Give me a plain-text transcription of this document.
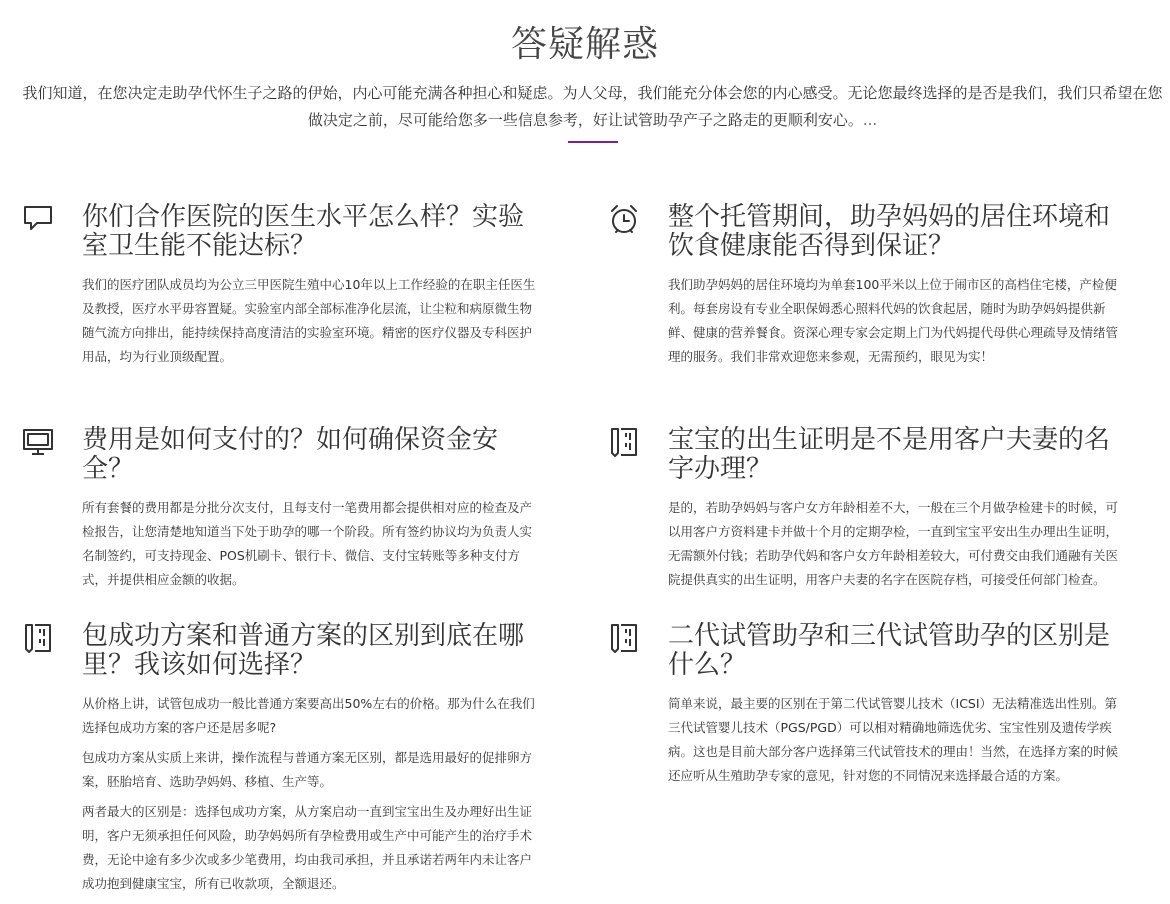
答疑解惑
我们知道，在您决定走助孕代怀生子之路的伊始，内心可能充满各种担心和疑虑。为人父母，我们能充分体会您的内心感受。无论您最终选择的是否是我们，我们只希望在您做决定之前，尽可能给您多一些信息参考，好让试管助孕产子之路走的更顺利安心。...
你们合作医院的医生水平怎么样？实验室卫生能不能达标？

我们的医疗团队成员均为公立三甲医院生殖中心10年以上工作经验的在职主任医生及教授，医疗水平毋容置疑。实验室内部全部标准净化层流，让尘粒和病原微生物随气流方向排出，能持续保持高度清洁的实验室环境。精密的医疗仪器及专科医护用品，均为行业顶级配置。

整个托管期间，助孕妈妈的居住环境和饮食健康能否得到保证？

我们助孕妈妈的居住环境均为单套100平米以上位于闹市区的高档住宅楼，产检便利。每套房设有专业全职保姆悉心照料代妈的饮食起居，随时为助孕妈妈提供新鲜、健康的营养餐食。资深心理专家会定期上门为代妈提代母供心理疏导及情绪管理的服务。我们非常欢迎您来参观，无需预约，眼见为实！

费用是如何支付的？如何确保资金安全？

所有套餐的费用都是分批分次支付，且每支付一笔费用都会提供相对应的检查及产检报告，让您清楚地知道当下处于助孕的哪一个阶段。所有签约协议均为负责人实名制签约，可支持现金、POS机刷卡、银行卡、微信、支付宝转账等多种支付方式，并提供相应金额的收据。

宝宝的出生证明是不是用客户夫妻的名字办理？

是的，若助孕妈妈与客户女方年龄相差不大，一般在三个月做孕检建卡的时候，可以用客户方资料建卡并做十个月的定期孕检，一直到宝宝平安出生办理出生证明，无需额外付钱；若助孕代妈和客户女方年龄相差较大，可付费交由我们通融有关医院提供真实的出生证明，用客户夫妻的名字在医院存档，可接受任何部门检查。

包成功方案和普通方案的区别到底在哪里？我该如何选择？

从价格上讲，试管包成功一般比普通方案要高出50%左右的价格。那为什么在我们选择包成功方案的客户还是居多呢?

包成功方案从实质上来讲，操作流程与普通方案无区别，都是选用最好的促排卵方案，胚胎培育、选助孕妈妈、移植、生产等。

两者最大的区别是：选择包成功方案，从方案启动一直到宝宝出生及办理好出生证明，客户无须承担任何风险，助孕妈妈所有孕检费用或生产中可能产生的治疗手术费，无论中途有多少次或多少笔费用，均由我司承担，并且承诺若两年内未让客户成功抱到健康宝宝，所有已收款项，全额退还。

二代试管助孕和三代试管助孕的区别是什么？

简单来说，最主要的区别在于第二代试管婴儿技术（ICSI）无法精准选出性别。第三代试管婴儿技术（PGS/PGD）可以相对精确地筛选优劣、宝宝性别及遗传学疾病。这也是目前大部分客户选择第三代试管技术的理由！当然，在选择方案的时候还应听从生殖助孕专家的意见，针对您的不同情况来选择最合适的方案。
